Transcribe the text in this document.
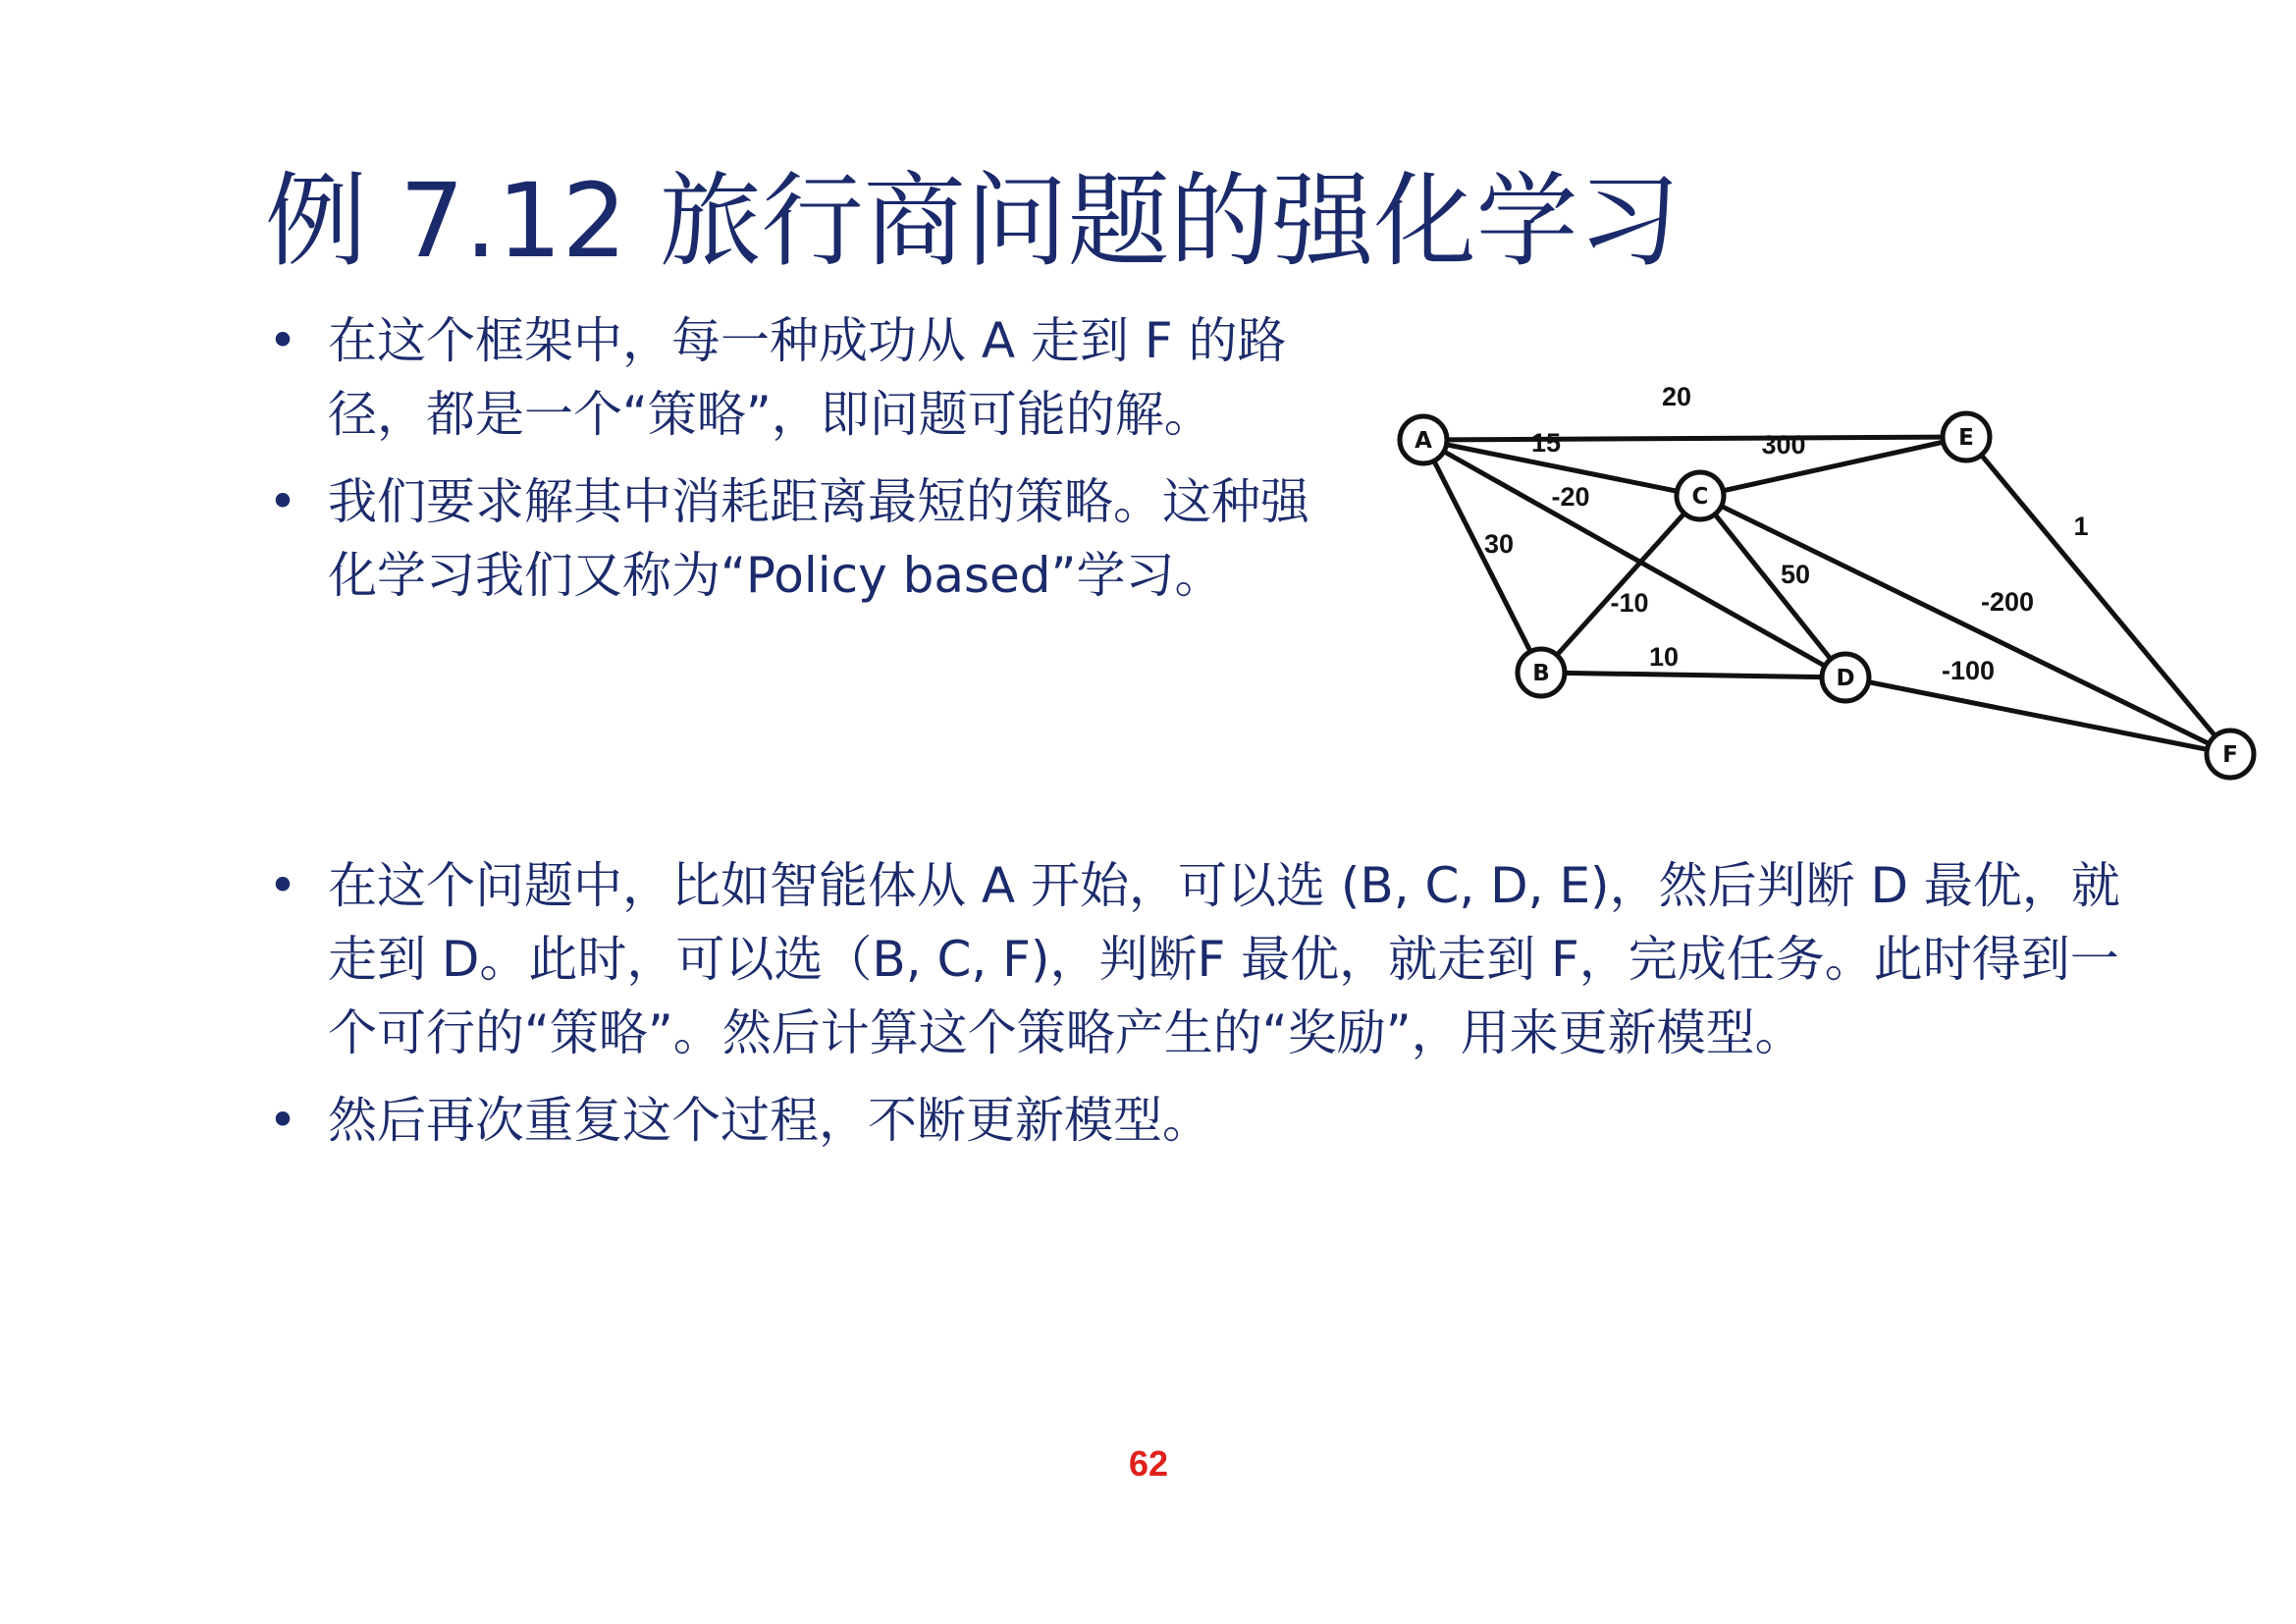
例 7.12 旅行商问题的强化学习
• 在这个框架中，每一种成功从 A 走到 F 的路径，都是一个“策略”，即问题可能的解。
• 我们要求解其中消耗距离最短的策略。这种强化学习我们又称为“Policy based”学习。
20
15
-20
30
300
-10
50
-200
10	-100
1
A
B
C
D
E
F
62
• 在这个问题中，比如智能体从 A 开始，可以选 (B, C, D, E)，然后判断 D 最优，就走到 D。此时，可以选（B, C, F)，判断F 最优，就走到 F，完成任务。此时得到一个可行的“策略”。然后计算这个策略产生的“奖励”，用来更新模型。
• 然后再次重复这个过程，不断更新模型。
